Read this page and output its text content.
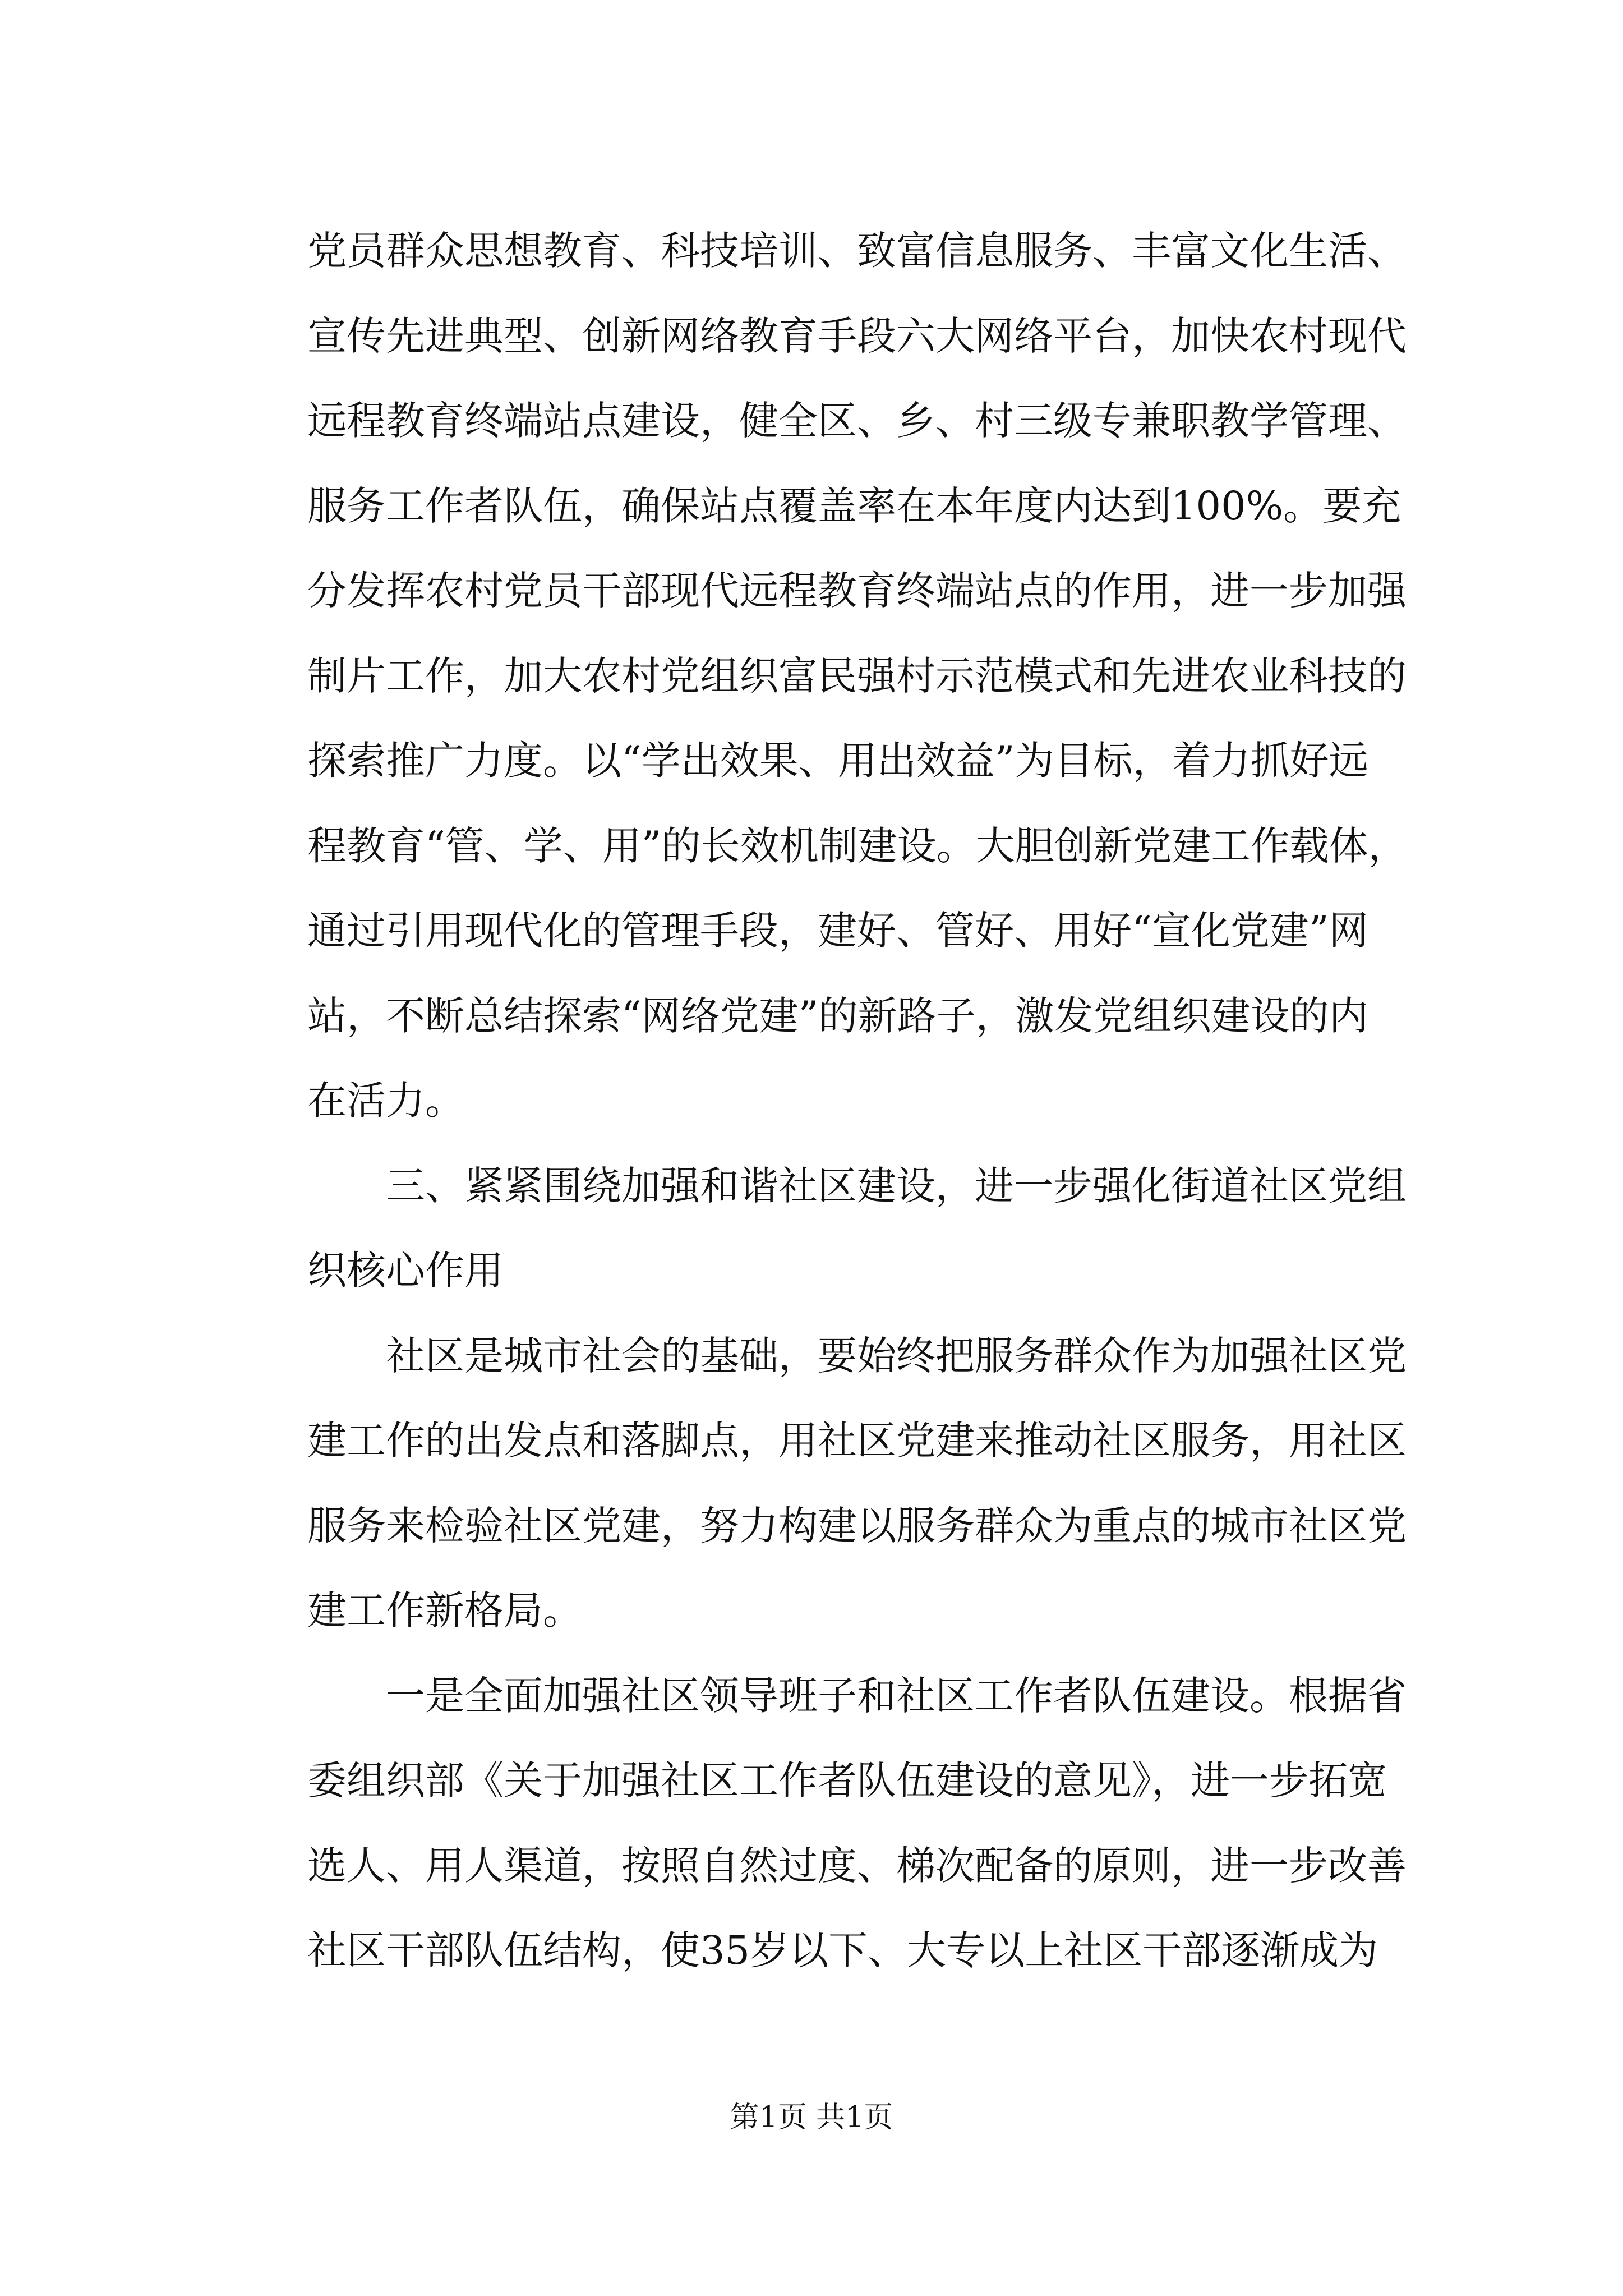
党员群众思想教育、科技培训、致富信息服务、丰富文化生活、
宣传先进典型、创新网络教育手段六大网络平台，加快农村现代
远程教育终端站点建设，健全区、乡、村三级专兼职教学管理、
服务工作者队伍，确保站点覆盖率在本年度内达到100%。要充
分发挥农村党员干部现代远程教育终端站点的作用，进一步加强
制片工作，加大农村党组织富民强村示范模式和先进农业科技的
探索推广力度。以“学出效果、用出效益”为目标，着力抓好远
程教育“管、学、用”的长效机制建设。大胆创新党建工作载体，
通过引用现代化的管理手段，建好、管好、用好“宣化党建”网
站，不断总结探索“网络党建”的新路子，激发党组织建设的内
在活力。
三、紧紧围绕加强和谐社区建设，进一步强化街道社区党组
织核心作用
社区是城市社会的基础，要始终把服务群众作为加强社区党
建工作的出发点和落脚点，用社区党建来推动社区服务，用社区
服务来检验社区党建，努力构建以服务群众为重点的城市社区党
建工作新格局。
一是全面加强社区领导班子和社区工作者队伍建设。根据省
委组织部《关于加强社区工作者队伍建设的意见》，进一步拓宽
选人、用人渠道，按照自然过度、梯次配备的原则，进一步改善
社区干部队伍结构，使35岁以下、大专以上社区干部逐渐成为
第1页 共1页
